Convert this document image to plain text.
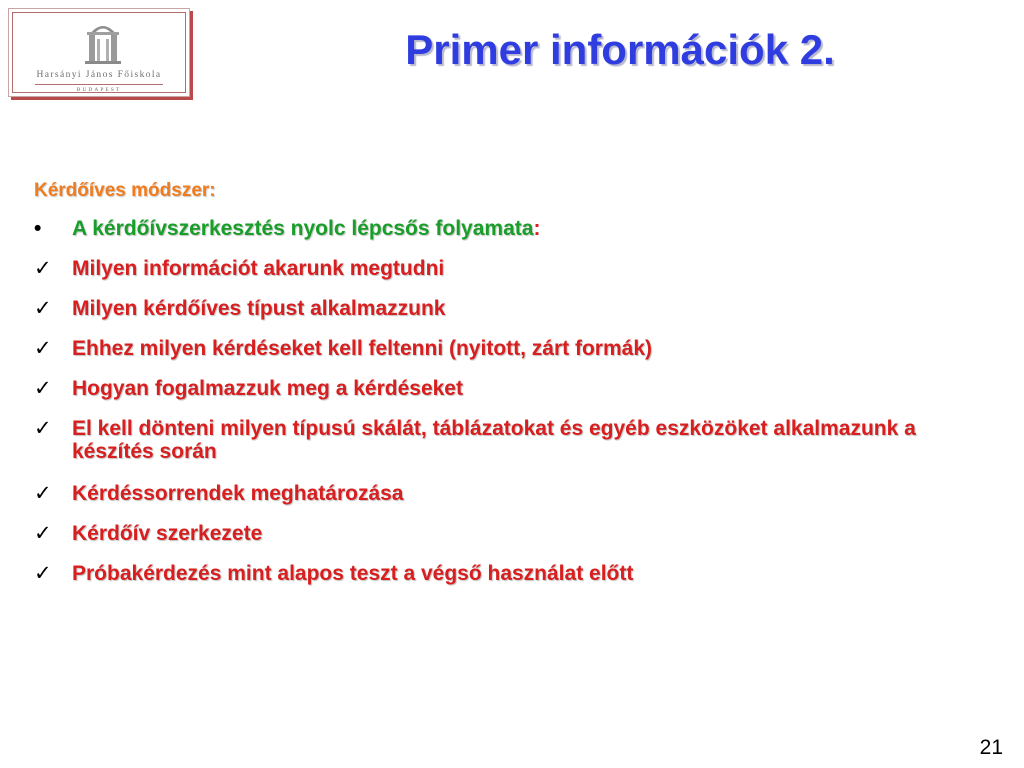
Harsányi János Főiskola
BUDAPEST
Primer információk 2.
Kérdőíves módszer:
•	A kérdőívszerkesztés nyolc lépcsős folyamata:
✓ Milyen információt akarunk megtudni
✓ Milyen kérdőíves típust alkalmazzunk
✓ Ehhez milyen kérdéseket kell feltenni (nyitott, zárt formák)
✓ Hogyan fogalmazzuk meg a kérdéseket
✓ El kell dönteni milyen típusú skálát, táblázatokat és egyéb eszközöket alkalmazunk a készítés során
✓ Kérdéssorrendek meghatározása
✓ Kérdőív szerkezete
✓ Próbakérdezés mint alapos teszt a végső használat előtt
21
